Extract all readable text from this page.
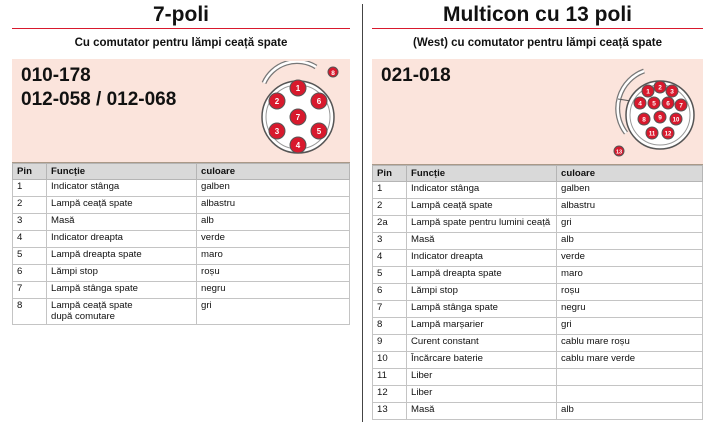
7-poli
Cu comutator pentru lămpi ceață spate
010-178
012-058 / 012-068
1
2	6
7
3	5
4
8
Pin	Funcție	culoare
1	Indicator stânga	galben
2	Lampă ceață spate	albastru
3	Masă	alb
4	Indicator dreapta	verde
5	Lampă dreapta spate	maro
6	Lămpi stop	roșu
7	Lampă stânga spate	negru
8	Lampă ceață spate
după comutare	gri
Multicon cu 13 poli
(West) cu comutator pentru lămpi ceață spate
021-018
1
2
3
4 5 6 7
8 9 10
11 12
13
Pin	Funcție	culoare
1	Indicator stânga	galben
2	Lampă ceață spate	albastru
2a	Lampă spate pentru lumini ceață	gri
3	Masă	alb
4	Indicator dreapta	verde
5	Lampă dreapta spate	maro
6	Lămpi stop	roșu
7	Lampă stânga spate	negru
8	Lampă marșarier	gri
9	Curent constant	cablu mare roșu
10	Încărcare baterie	cablu mare verde
11	Liber	
12	Liber	
13	Masă	alb
